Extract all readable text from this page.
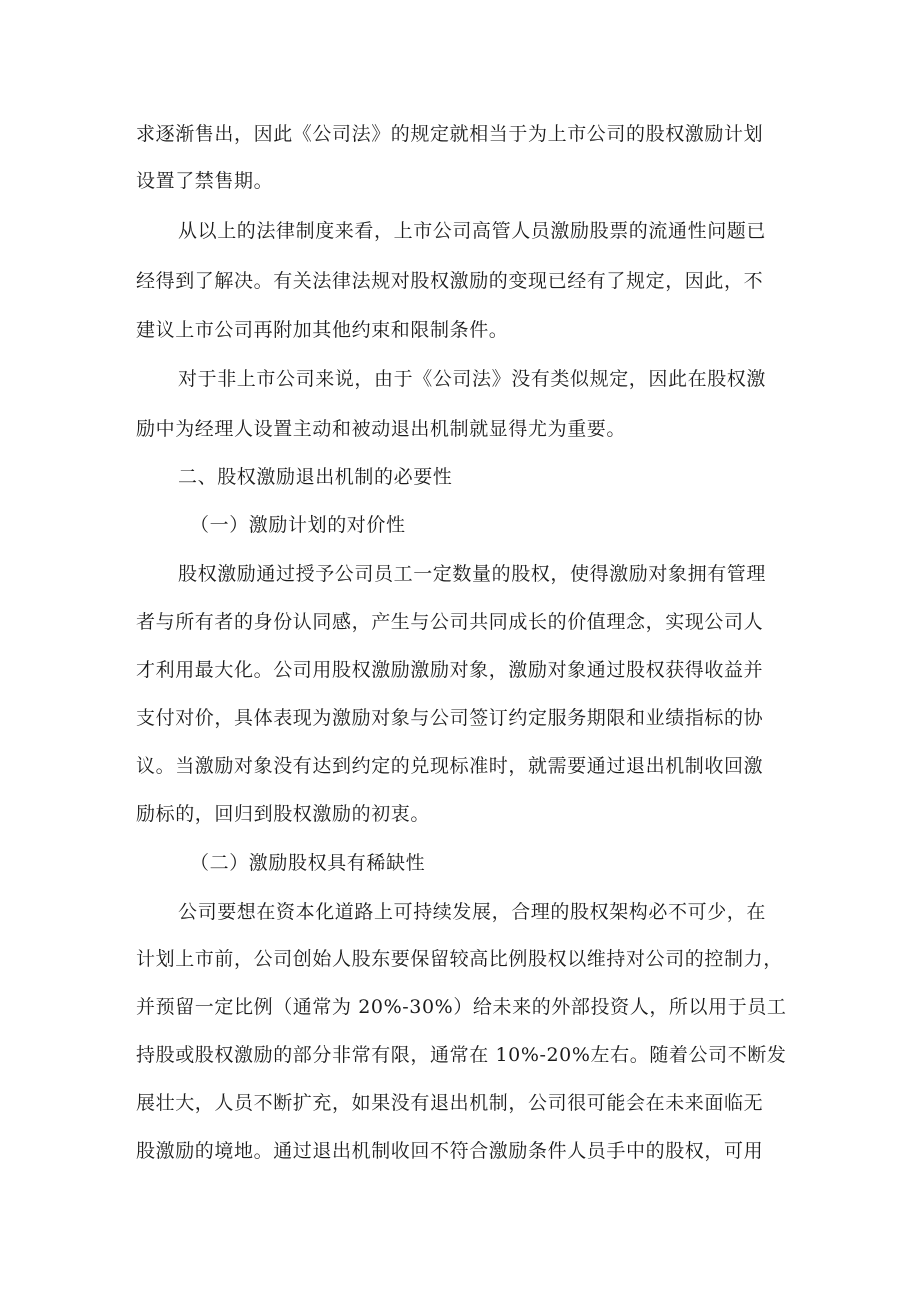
求逐渐售出，因此《公司法》的规定就相当于为上市公司的股权激励计划
设置了禁售期。
从以上的法律制度来看，上市公司高管人员激励股票的流通性问题已
经得到了解决。有关法律法规对股权激励的变现已经有了规定，因此，不
建议上市公司再附加其他约束和限制条件。
对于非上市公司来说，由于《公司法》没有类似规定，因此在股权激
励中为经理人设置主动和被动退出机制就显得尤为重要。
二、股权激励退出机制的必要性
（一）激励计划的对价性
股权激励通过授予公司员工一定数量的股权，使得激励对象拥有管理
者与所有者的身份认同感，产生与公司共同成长的价值理念，实现公司人
才利用最大化。公司用股权激励激励对象，激励对象通过股权获得收益并
支付对价，具体表现为激励对象与公司签订约定服务期限和业绩指标的协
议。当激励对象没有达到约定的兑现标准时，就需要通过退出机制收回激
励标的，回归到股权激励的初衷。
（二）激励股权具有稀缺性
公司要想在资本化道路上可持续发展，合理的股权架构必不可少，在
计划上市前，公司创始人股东要保留较高比例股权以维持对公司的控制力，
并预留一定比例（通常为 20%-30%）给未来的外部投资人，所以用于员工
持股或股权激励的部分非常有限，通常在 10%-20%左右。随着公司不断发
展壮大，人员不断扩充，如果没有退出机制，公司很可能会在未来面临无
股激励的境地。通过退出机制收回不符合激励条件人员手中的股权，可用
